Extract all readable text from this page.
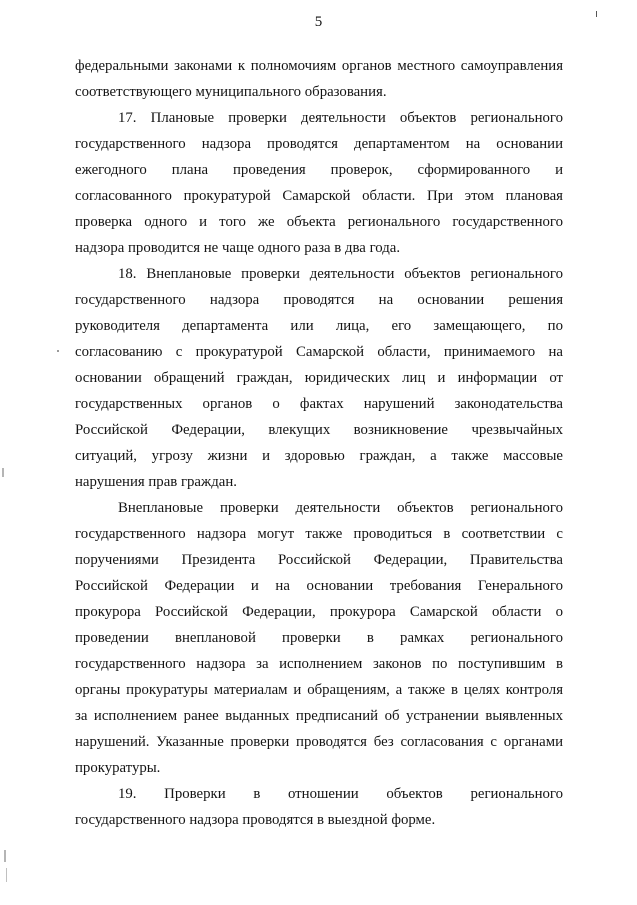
5
федеральными законами к полномочиям органов местного самоуправления
соответствующего муниципального образования.
17. Плановые проверки деятельности объектов регионального
государственного надзора проводятся департаментом на основании
ежегодного плана проведения проверок, сформированного и
согласованного прокуратурой Самарской области. При этом плановая
проверка одного и того же объекта регионального государственного
надзора проводится не чаще одного раза в два года.
18. Внеплановые проверки деятельности объектов регионального
государственного надзора проводятся на основании решения
руководителя департамента или лица, его замещающего, по
согласованию с прокуратурой Самарской области, принимаемого на
основании обращений граждан, юридических лиц и информации от
государственных органов о фактах нарушений законодательства
Российской Федерации, влекущих возникновение чрезвычайных
ситуаций, угрозу жизни и здоровью граждан, а также массовые
нарушения прав граждан.
Внеплановые проверки деятельности объектов регионального
государственного надзора могут также проводиться в соответствии с
поручениями Президента Российской Федерации, Правительства
Российской Федерации и на основании требования Генерального
прокурора Российской Федерации, прокурора Самарской области о
проведении внеплановой проверки в рамках регионального
государственного надзора за исполнением законов по поступившим в
органы прокуратуры материалам и обращениям, а также в целях контроля
за исполнением ранее выданных предписаний об устранении выявленных
нарушений. Указанные проверки проводятся без согласования с органами
прокуратуры.
19. Проверки в отношении объектов регионального
государственного надзора проводятся в выездной форме.
